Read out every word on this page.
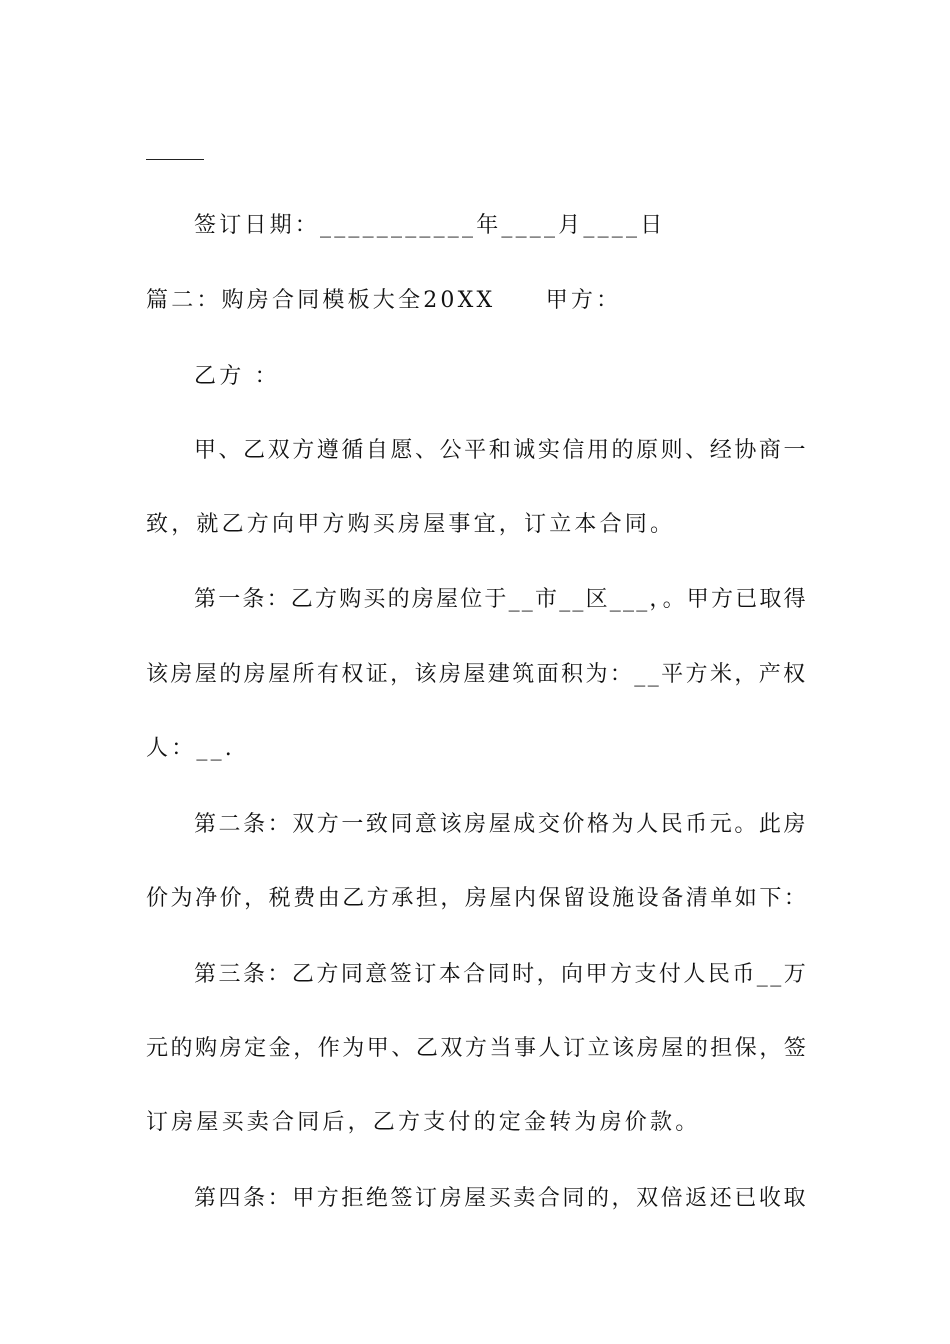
签订日期：___________年____月____日
篇二：购房合同模板大全20XX　　甲方：
乙方 ：
甲、乙双方遵循自愿、公平和诚实信用的原则、经协商一
致，就乙方向甲方购买房屋事宜，订立本合同。
第一条：乙方购买的房屋位于__市__区___，。甲方已取得
该房屋的房屋所有权证，该房屋建筑面积为：__平方米，产权
人：__.
第二条：双方一致同意该房屋成交价格为人民币元。此房
价为净价，税费由乙方承担，房屋内保留设施设备清单如下：
第三条：乙方同意签订本合同时，向甲方支付人民币__万
元的购房定金，作为甲、乙双方当事人订立该房屋的担保，签
订房屋买卖合同后，乙方支付的定金转为房价款。
第四条：甲方拒绝签订房屋买卖合同的，双倍返还已收取
